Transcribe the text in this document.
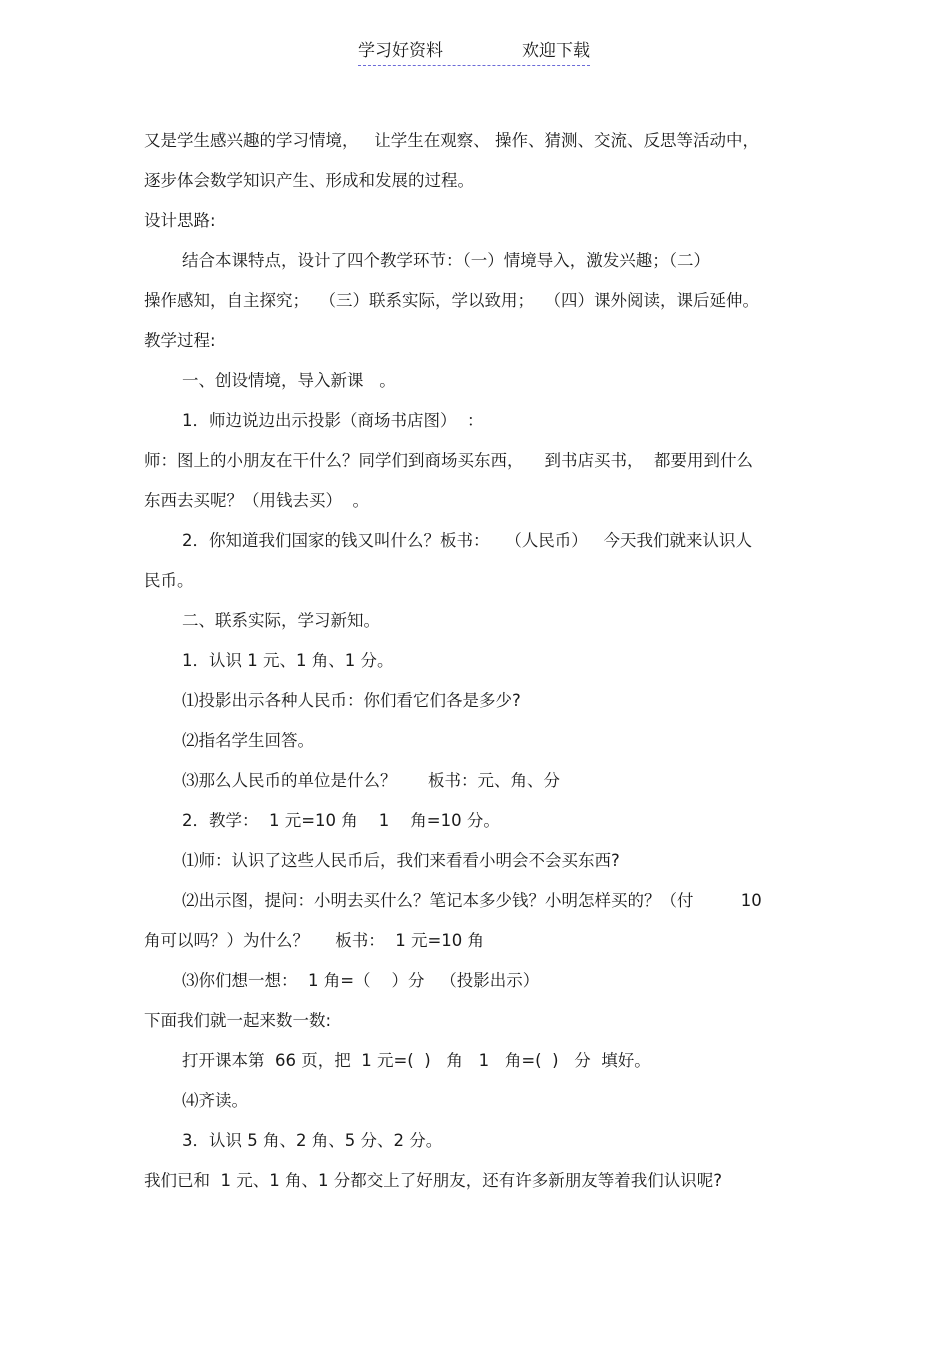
学习好资料	欢迎下载
又是学生感兴趣的学习情境，   让学生在观察、 操作、猜测、交流、反思等活动中，
逐步体会数学知识产生、形成和发展的过程。
设计思路:
结合本课特点，设计了四个教学环节：（一）情境导入，激发兴趣；（二）
操作感知，自主探究；  （三）联系实际，学以致用；  （四）课外阅读，课后延伸。
教学过程:
一、创设情境，导入新课   。
1．师边说边出示投影（商场书店图）  ：
师：图上的小朋友在干什么？同学们到商场买东西，    到书店买书，  都要用到什么
东西去买呢？（用钱去买）  。
2．你知道我们国家的钱又叫什么？板书：   （人民币）   今天我们就来认识人
民币。
二、联系实际，学习新知。
1．认识 1 元、1 角、1 分。
⑴投影出示各种人民币：你们看它们各是多少?
⑵指名学生回答。
⑶那么人民币的单位是什么？      板书：元、角、分
2．教学：  1 元=10 角    1    角=10 分。
⑴师：认识了这些人民币后，我们来看看小明会不会买东西?
⑵出示图，提问：小明去买什么？笔记本多少钱？小明怎样买的？（付         10
角可以吗？）为什么？     板书：  1 元=10 角
⑶你们想一想：  1 角=（    ）分   （投影出示）
下面我们就一起来数一数:
打开课本第  66 页，把  1 元=(  )   角   1   角=(  )   分  填好。
⑷齐读。
3．认识 5 角、2 角、5 分、2 分。
我们已和  1 元、1 角、1 分都交上了好朋友，还有许多新朋友等着我们认识呢?
